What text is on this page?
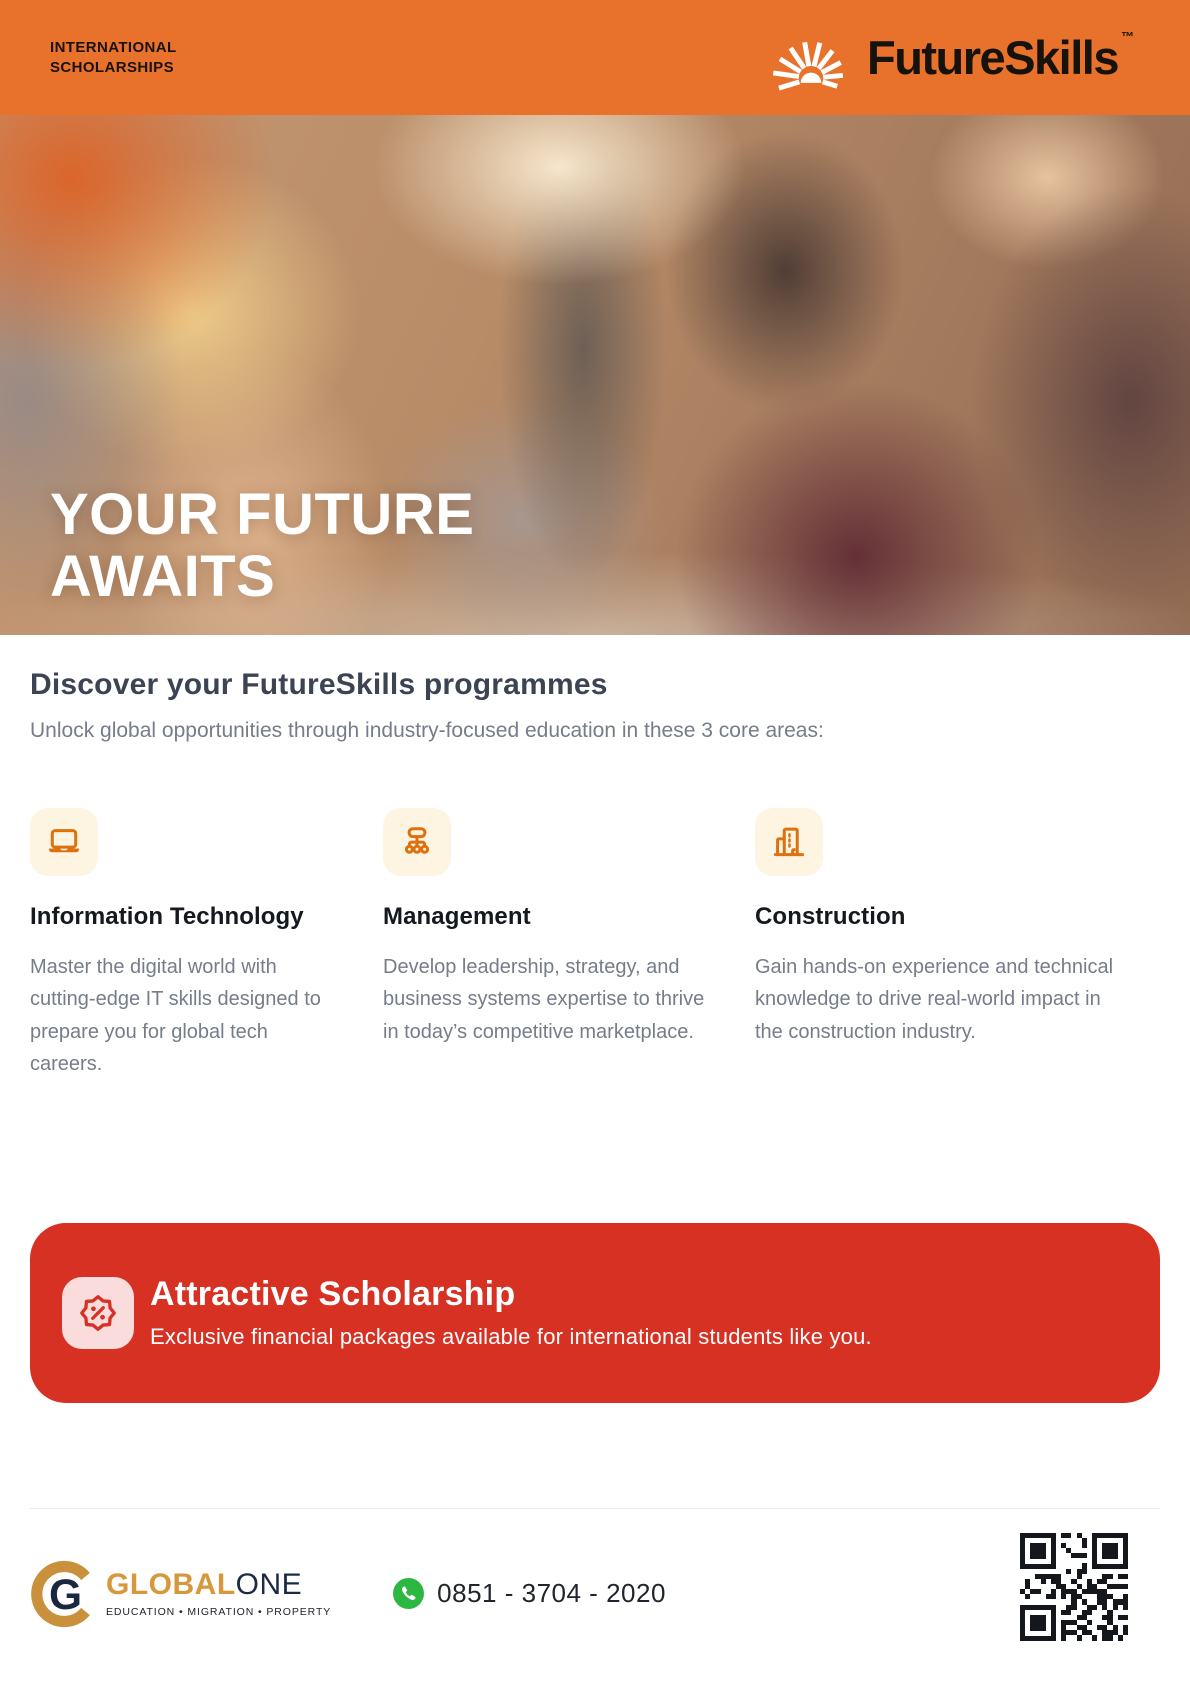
INTERNATIONAL
SCHOLARSHIPS	FutureSkills ™
YOUR FUTURE
AWAITS
Discover your FutureSkills programmes

Unlock global opportunities through industry-focused education in these 3 core areas:

Information Technology

Master the digital world with cutting-edge IT skills designed to prepare you for global tech careers.

Management

Develop leadership, strategy, and business systems expertise to thrive in today’s competitive marketplace.

Construction

Gain hands-on experience and technical knowledge to drive real-world impact in the construction industry.

Attractive Scholarship

Exclusive financial packages available for international students like you.

G GLOBALONE
EDUCATION • MIGRATION • PROPERTY
0851 - 3704 - 2020
